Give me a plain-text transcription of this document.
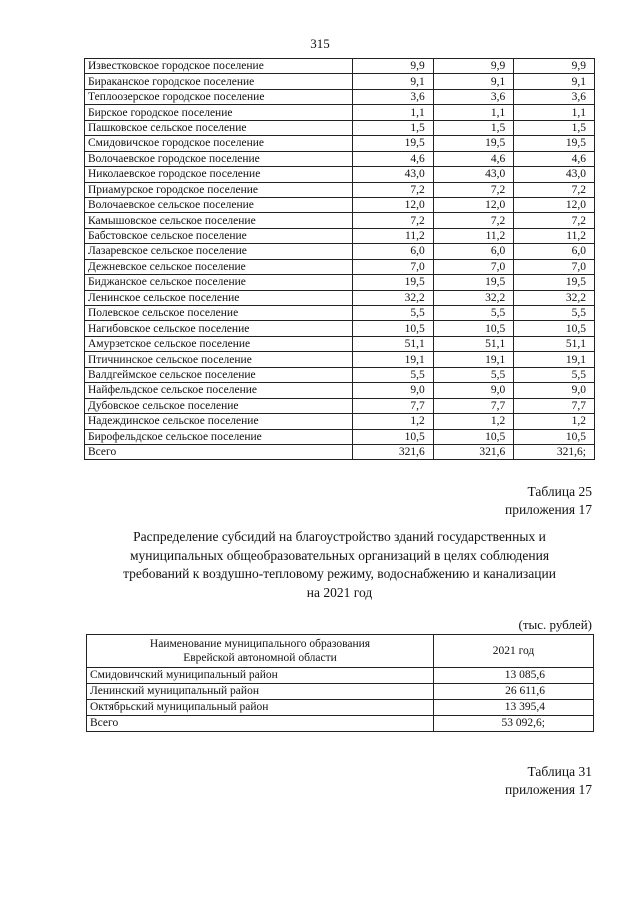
315
Известковское городское поселение	9,9	9,9	9,9
Бираканское городское поселение	9,1	9,1	9,1
Теплоозерское городское поселение	3,6	3,6	3,6
Бирское городское поселение	1,1	1,1	1,1
Пашковское сельское поселение	1,5	1,5	1,5
Смидовичское городское поселение	19,5	19,5	19,5
Волочаевское городское поселение	4,6	4,6	4,6
Николаевское городское поселение	43,0	43,0	43,0
Приамурское городское поселение	7,2	7,2	7,2
Волочаевское сельское поселение	12,0	12,0	12,0
Камышовское сельское поселение	7,2	7,2	7,2
Бабстовское сельское поселение	11,2	11,2	11,2
Лазаревское сельское поселение	6,0	6,0	6,0
Дежневское сельское поселение	7,0	7,0	7,0
Биджанское сельское поселение	19,5	19,5	19,5
Ленинское сельское поселение	32,2	32,2	32,2
Полевское сельское поселение	5,5	5,5	5,5
Нагибовское сельское поселение	10,5	10,5	10,5
Амурзетское сельское поселение	51,1	51,1	51,1
Птичнинское сельское поселение	19,1	19,1	19,1
Валдгеймское сельское поселение	5,5	5,5	5,5
Найфельдское сельское поселение	9,0	9,0	9,0
Дубовское сельское поселение	7,7	7,7	7,7
Надеждинское сельское поселение	1,2	1,2	1,2
Бирофельдское сельское поселение	10,5	10,5	10,5
Всего	321,6	321,6	321,6;
Таблица 25
приложения 17
Распределение субсидий на благоустройство зданий государственных и
муниципальных общеобразовательных организаций в целях соблюдения
требований к воздушно-тепловому режиму, водоснабжению и канализации
на 2021 год
(тыс. рублей)
Наименование муниципального образования
Еврейской автономной области	2021 год
Смидовичский муниципальный район	13 085,6
Ленинский муниципальный район	26 611,6
Октябрьский муниципальный район	13 395,4
Всего	53 092,6;
Таблица 31
приложения 17
